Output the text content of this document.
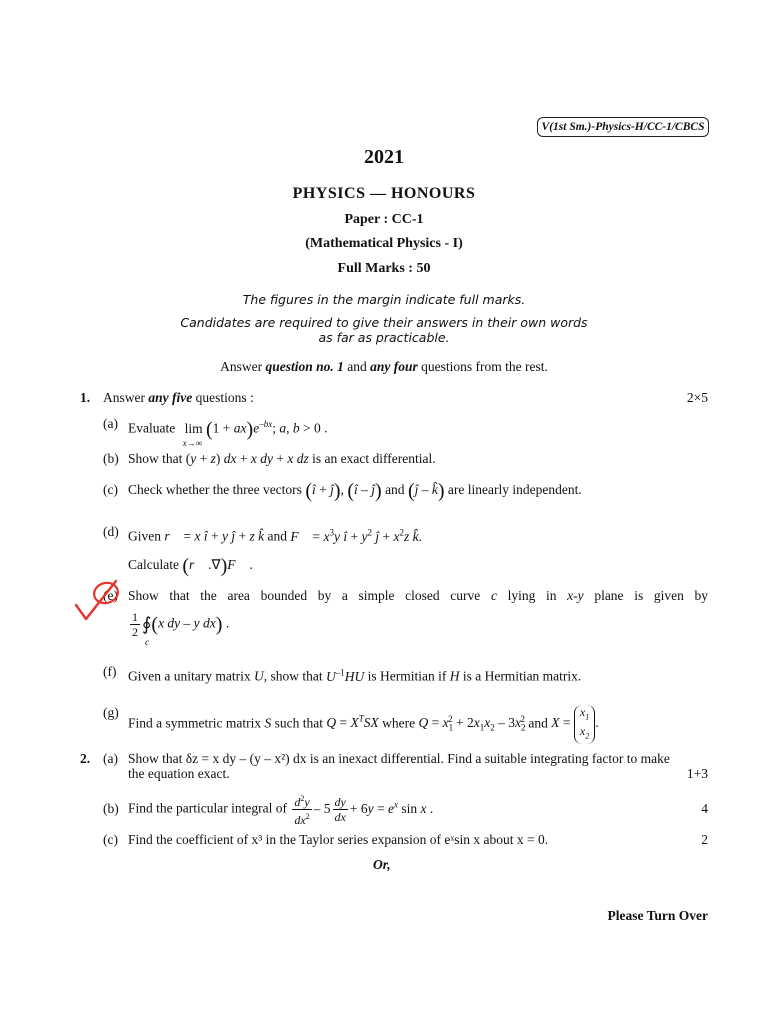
V(1st Sm.)-Physics-H/CC-1/CBCS
2021
PHYSICS — HONOURS
Paper : CC-1
(Mathematical Physics - I)
Full Marks : 50
The figures in the margin indicate full marks.
Candidates are required to give their answers in their own words
as far as practicable.
Answer question no. 1 and any four questions from the rest.
1. Answer any five questions :	2×5
(a) Evaluate lim
x→∞
$(1 + ax)e^{-bx}$; a, b > 0 .
(b) Show that (y + z) dx + x dy + x dz is an exact differential.
(c) Check whether the three vectors (î + ĵ), (î – ĵ) and (ĵ – k̂) are linearly independent.
(d) Given r⃗ = x î + y ĵ + z k̂ and F⃗ = $x^3y$ î + $y^2$ ĵ + $x^2z$ k̂.
Calculate (r⃗ .∇⃗)F⃗ .
(e) Show that the area bounded by a simple closed curve c lying in x-y plane is given by
$\frac{1}{2}$ ∮
c
(x dy – y dx) .
(f) Given a unitary matrix U, show that $U^{-1}HU$ is Hermitian if H is a Hermitian matrix.
(g)
Find a symmetric matrix S such that $Q = X^TSX$ where $Q = x_1^2 + 2x_1x_2 - 3x_2^2$ and X =
$x_1$
$x_2$
.
2. (a) Show that δz = x dy – (y – x²) dx is an inexact differential. Find a suitable integrating factor to make
the equation exact.	1+3
(b) Find the particular integral of $\frac{d^2y}{dx^2} - 5 \frac{dy}{dx} + 6y = e^x$ sin x .	4
(c) Find the coefficient of x³ in the Taylor series expansion of eˣsin x about x = 0.	2
Or,
Please Turn Over
